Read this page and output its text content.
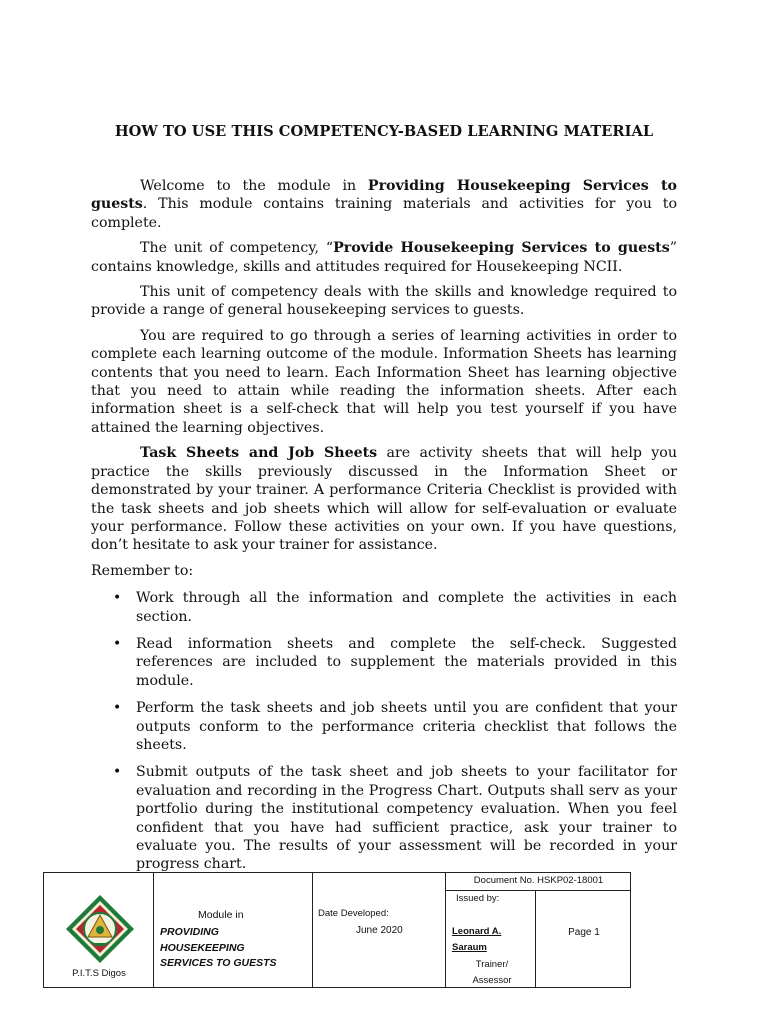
HOW TO USE THIS COMPETENCY-BASED LEARNING MATERIAL

Welcome to the module in Providing Housekeeping Services to guests. This module contains training materials and activities for you to complete.

The unit of competency, “Provide Housekeeping Services to guests” contains knowledge, skills and attitudes required for Housekeeping NCII.

This unit of competency deals with the skills and knowledge required to provide a range of general housekeeping services to guests.

You are required to go through a series of learning activities in order to complete each learning outcome of the module. Information Sheets has learning contents that you need to learn. Each Information Sheet has learning objective that you need to attain while reading the information sheets. After each information sheet is a self-check that will help you test yourself if you have attained the learning objectives.

Task Sheets and Job Sheets are activity sheets that will help you practice the skills previously discussed in the Information Sheet or demonstrated by your trainer. A performance Criteria Checklist is provided with the task sheets and job sheets which will allow for self-evaluation or evaluate your performance. Follow these activities on your own. If you have questions, don’t hesitate to ask your trainer for assistance.

Remember to:

• Work through all the information and complete the activities in each section.
• Read information sheets and complete the self-check. Suggested references are included to supplement the materials provided in this module.
• Perform the task sheets and job sheets until you are confident that your outputs conform to the performance criteria checklist that follows the sheets.
• Submit outputs of the task sheet and job sheets to your facilitator for evaluation and recording in the Progress Chart. Outputs shall serv as your portfolio during the institutional competency evaluation. When you feel confident that you have had sufficient practice, ask your trainer to evaluate you. The results of your assessment will be recorded in your progress chart.
P.I.T.S Digos
Module in
PROVIDING
HOUSEKEEPING
SERVICES TO GUESTS
Date Developed:
June 2020
Document No. HSKP02-18001
Issued by:
Leonard A.
Saraum
Trainer/
Assessor
Page 1
